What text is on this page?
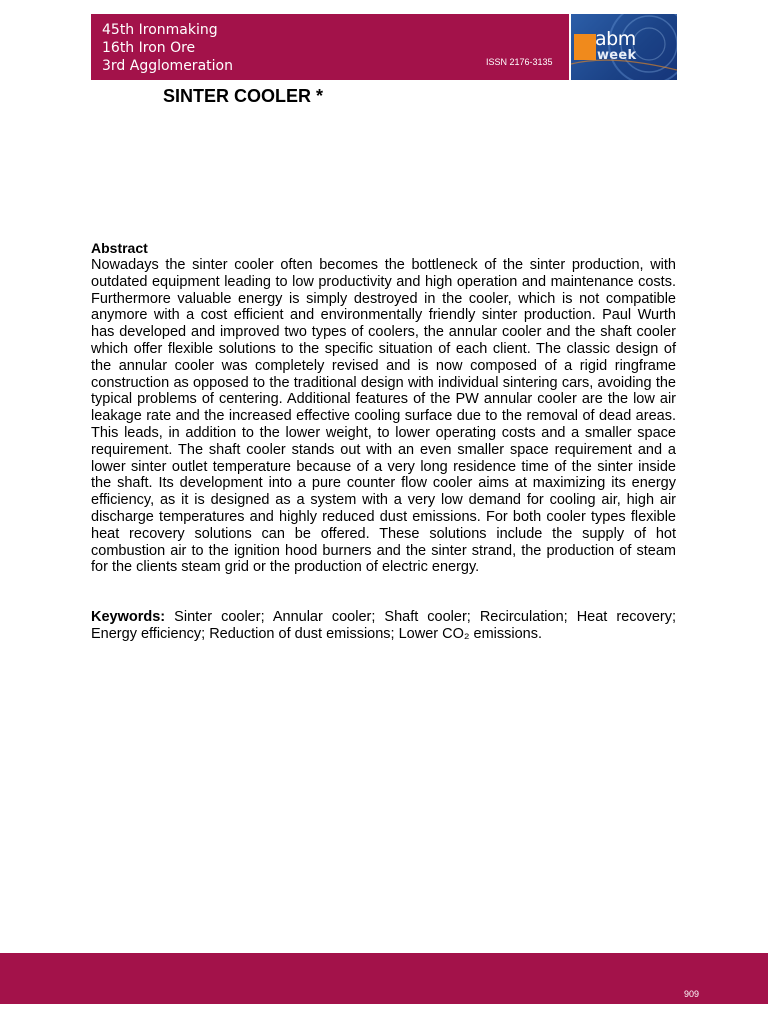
45th Ironmaking
16th Iron Ore
3rd Agglomeration	ISSN 2176-3135
abm
week
SINTER COOLER *
Abstract

Nowadays the sinter cooler often becomes the bottleneck of the sinter production, with outdated equipment leading to low productivity and high operation and maintenance costs. Furthermore valuable energy is simply destroyed in the cooler, which is not compatible anymore with a cost efficient and environmentally friendly sinter production. Paul Wurth has developed and improved two types of coolers, the annular cooler and the shaft cooler which offer flexible solutions to the specific situation of each client. The classic design of the annular cooler was completely revised and is now composed of a rigid ringframe construction as opposed to the traditional design with individual sintering cars, avoiding the typical problems of centering. Additional features of the PW annular cooler are the low air leakage rate and the increased effective cooling surface due to the removal of dead areas. This leads, in addition to the lower weight, to lower operating costs and a smaller space requirement. The shaft cooler stands out with an even smaller space requirement and a lower sinter outlet temperature because of a very long residence time of the sinter inside the shaft. Its development into a pure counter flow cooler aims at maximizing its energy efficiency, as it is designed as a system with a very low demand for cooling air, high air discharge temperatures and highly reduced dust emissions. For both cooler types flexible heat recovery solutions can be offered. These solutions include the supply of hot combustion air to the ignition hood burners and the sinter strand, the production of steam for the clients steam grid or the production of electric energy.

Keywords: Sinter cooler; Annular cooler; Shaft cooler; Recirculation; Heat recovery; Energy efficiency; Reduction of dust emissions; Lower CO₂ emissions.

909
